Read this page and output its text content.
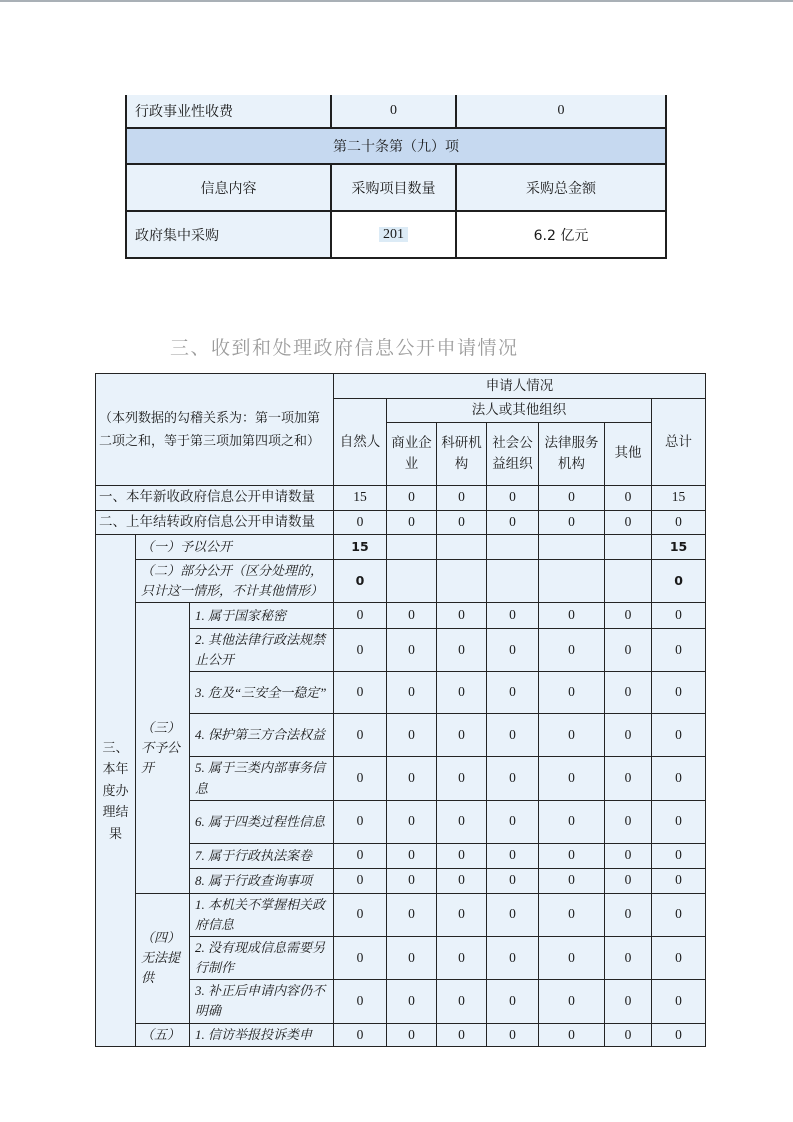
行政事业性收费	0	0
第二十条第（九）项		
信息内容	采购项目数量	采购总金额
政府集中采购	201	6.2 亿元
三、收到和处理政府信息公开申请情况
（本列数据的勾稽关系为：第一项加第二项之和，等于第三项加第四项之和）			申请人情况						
			自然人	法人或其他组织					总计
				商业企业	科研机构	社会公益组织	法律服务机构	其他	
一、本年新收政府信息公开申请数量			15	0	0	0	0	0	15
二、上年结转政府信息公开申请数量			0	0	0	0	0	0	0
三、本年度办理结果	（一）予以公开		15						15
	（二）部分公开（区分处理的，只计这一情形，不计其他情形）		0						0
	（三）不予公开	1. 属于国家秘密	0	0	0	0	0	0	0
		2. 其他法律行政法规禁止公开	0	0	0	0	0	0	0
		3. 危及“三安全一稳定”	0	0	0	0	0	0	0
		4. 保护第三方合法权益	0	0	0	0	0	0	0
		5. 属于三类内部事务信息	0	0	0	0	0	0	0
		6. 属于四类过程性信息	0	0	0	0	0	0	0
		7. 属于行政执法案卷	0	0	0	0	0	0	0
		8. 属于行政查询事项	0	0	0	0	0	0	0
	（四）无法提供	1. 本机关不掌握相关政府信息	0	0	0	0	0	0	0
		2. 没有现成信息需要另行制作	0	0	0	0	0	0	0
		3. 补正后申请内容仍不明确	0	0	0	0	0	0	0
	（五）	1. 信访举报投诉类申	0	0	0	0	0	0	0
